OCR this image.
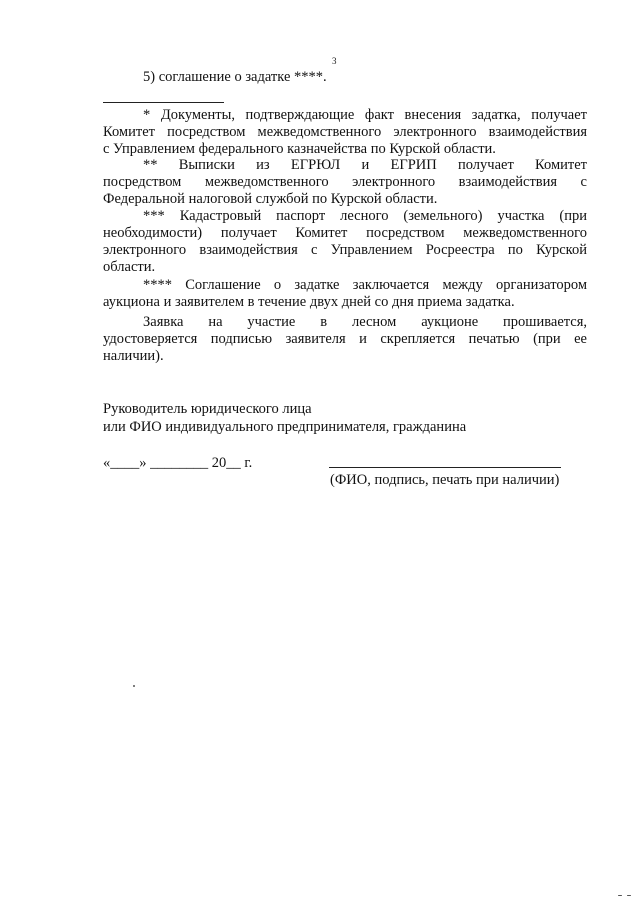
3
5) соглашение о задатке ****.
* Документы, подтверждающие факт внесения задатка, получает
Комитет посредством межведомственного электронного взаимодействия
с Управлением федерального казначейства по Курской области.
** Выписки из ЕГРЮЛ и ЕГРИП получает Комитет
посредством межведомственного электронного взаимодействия с
Федеральной налоговой службой по Курской области.
*** Кадастровый паспорт лесного (земельного) участка (при
необходимости) получает Комитет посредством межведомственного
электронного взаимодействия с Управлением Росреестра по Курской
области.
**** Соглашение о задатке заключается между организатором
аукциона и заявителем в течение двух дней со дня приема задатка.
Заявка на участие в лесном аукционе прошивается,
удостоверяется подписью заявителя и скрепляется печатью (при ее
наличии).
Руководитель юридического лица
или ФИО индивидуального предпринимателя, гражданина
«____» ________ 20__ г.
(ФИО, подпись, печать при наличии)
